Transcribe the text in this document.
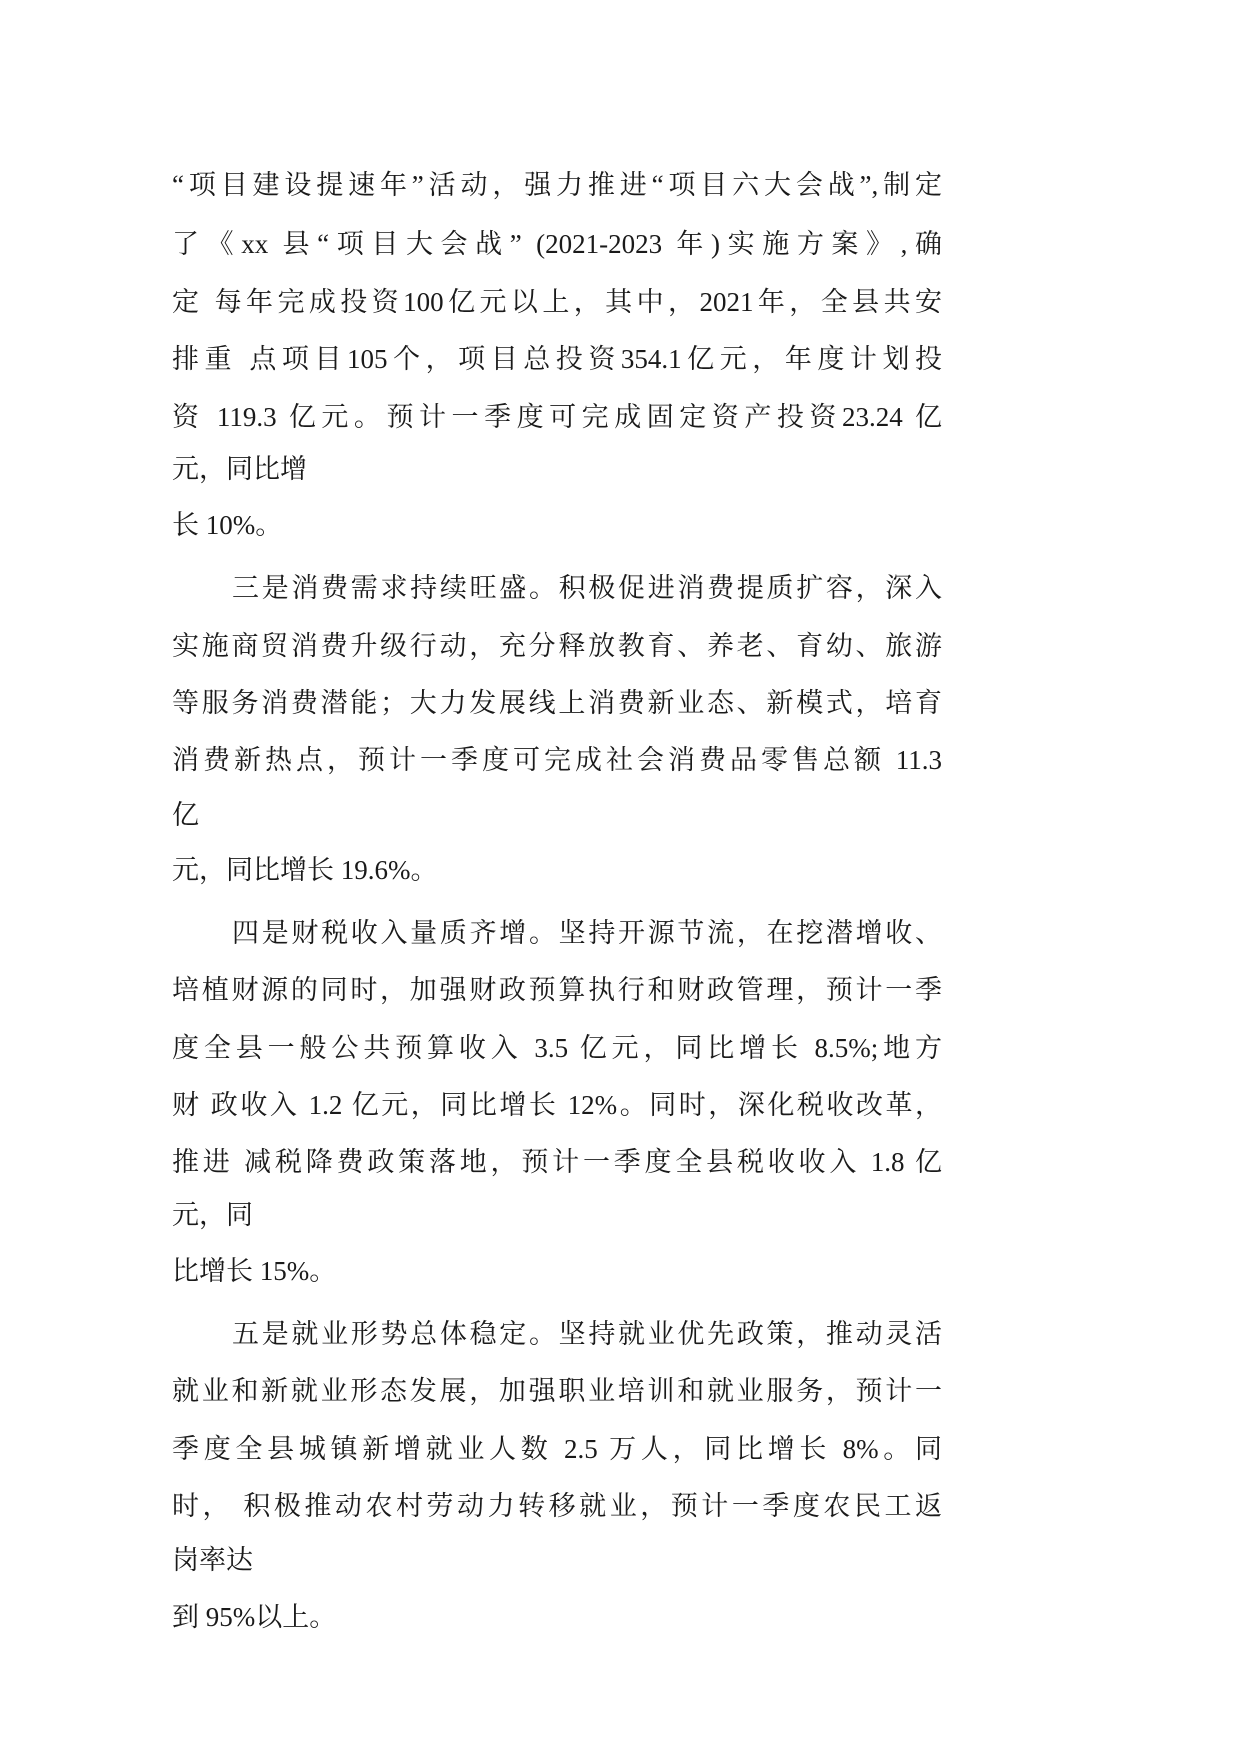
“项目建设提速年”活动，强力推进“项目六大会战”,制定
了《xx 县“项目大会战” (2021-2023 年)实施方案》,确
定 每年完成投资100亿元以上，其中，2021年，全县共安
排重 点项目105个，项目总投资354.1亿元，年度计划投
资 119.3 亿元。预计一季度可完成固定资产投资23.24 亿
元，同比增
长 10%。
三是消费需求持续旺盛。积极促进消费提质扩容，深入
实施商贸消费升级行动，充分释放教育、养老、育幼、旅游
等服务消费潜能；大力发展线上消费新业态、新模式，培育
消费新热点，预计一季度可完成社会消费品零售总额 11.3
亿
元，同比增长 19.6%。
四是财税收入量质齐增。坚持开源节流，在挖潜增收、
培植财源的同时，加强财政预算执行和财政管理，预计一季
度全县一般公共预算收入 3.5 亿元，同比增长 8.5%;地方
财 政收入 1.2 亿元，同比增长 12%。同时，深化税收改革，
推进 减税降费政策落地，预计一季度全县税收收入 1.8 亿
元，同
比增长 15%。
五是就业形势总体稳定。坚持就业优先政策，推动灵活
就业和新就业形态发展，加强职业培训和就业服务，预计一
季度全县城镇新增就业人数 2.5 万人，同比增长 8%。同
时， 积极推动农村劳动力转移就业，预计一季度农民工返
岗率达
到 95%以上。
